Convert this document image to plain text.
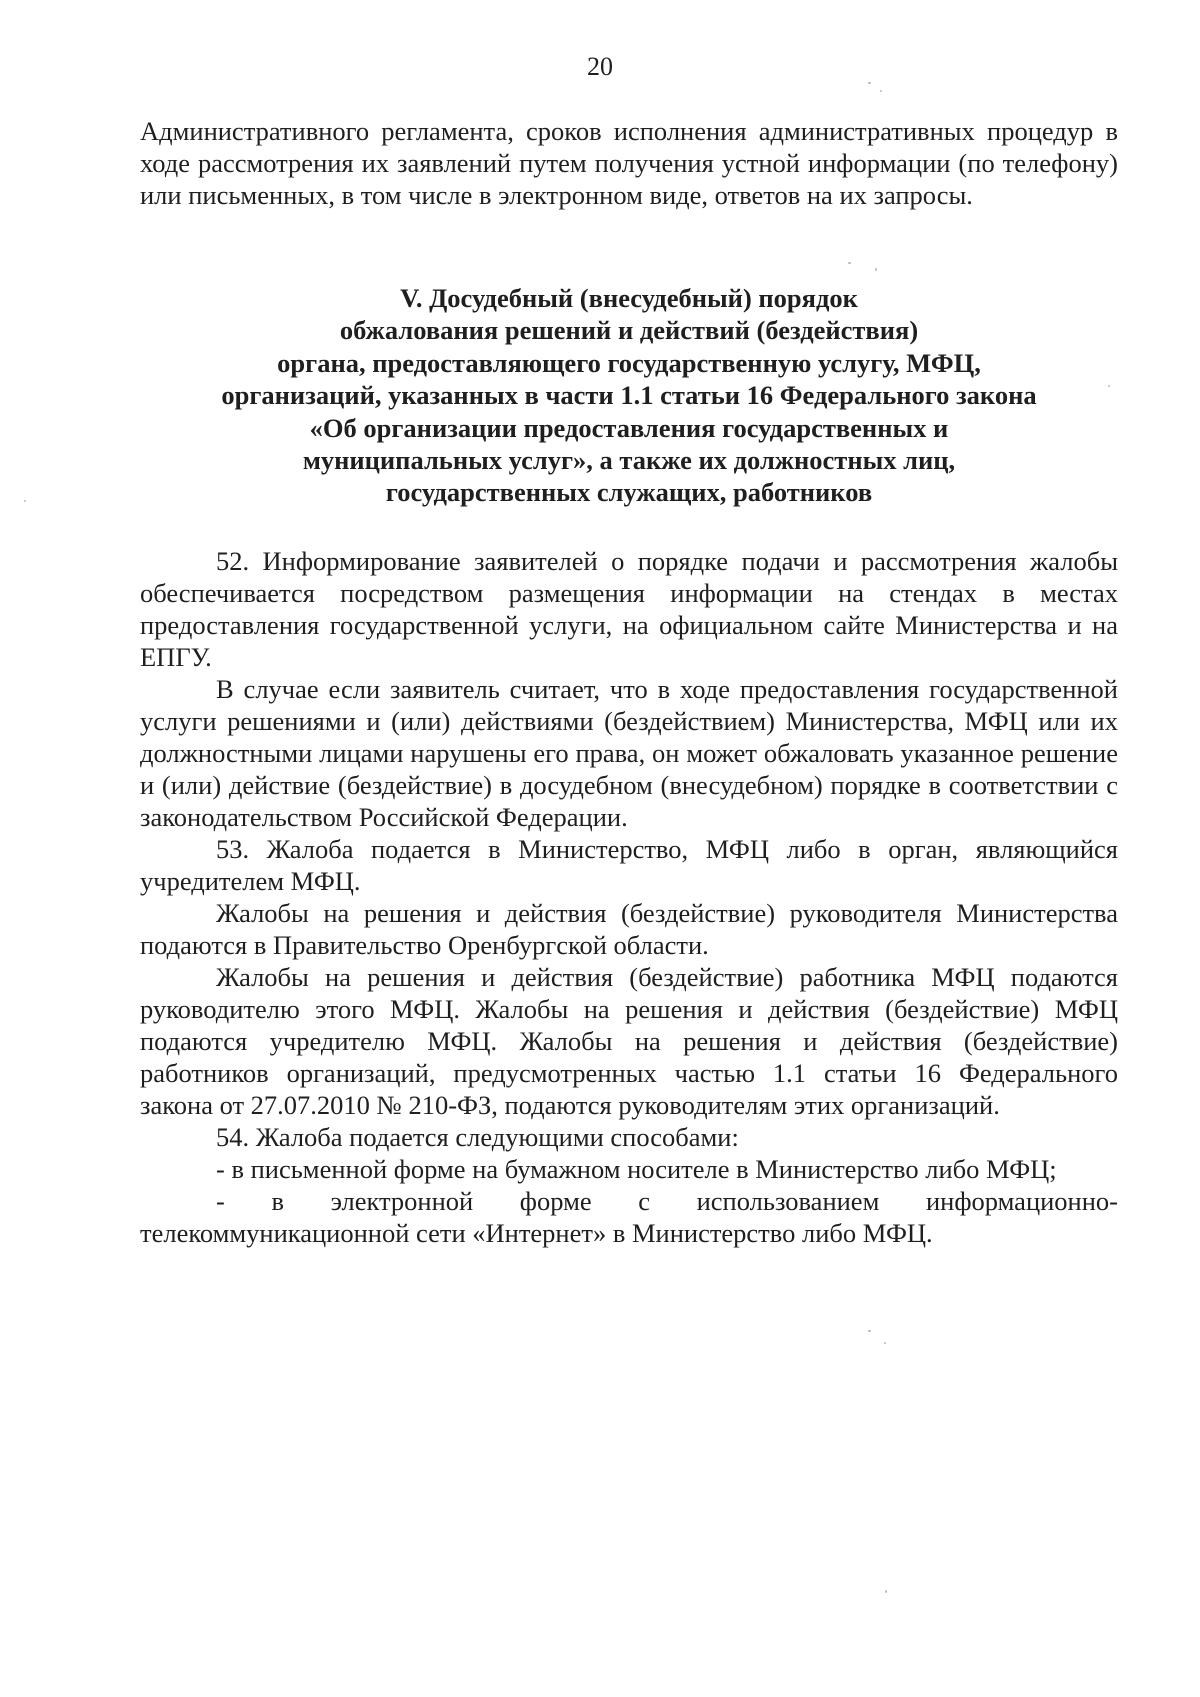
20

Административного регламента, сроков исполнения административных процедур в ходе рассмотрения их заявлений путем получения устной информации (по телефону) или письменных, в том числе в электронном виде, ответов на их запросы.

V. Досудебный (внесудебный) порядок
обжалования решений и действий (бездействия)
органа, предоставляющего государственную услугу, МФЦ,
организаций, указанных в части 1.1 статьи 16 Федерального закона
«Об организации предоставления государственных и
муниципальных услуг», а также их должностных лиц,
государственных служащих, работников

52. Информирование заявителей о порядке подачи и рассмотрения жалобы обеспечивается посредством размещения информации на стендах в местах предоставления государственной услуги, на официальном сайте Министерства и на ЕПГУ.

В случае если заявитель считает, что в ходе предоставления государственной услуги решениями и (или) действиями (бездействием) Министерства, МФЦ или их должностными лицами нарушены его права, он может обжаловать указанное решение и (или) действие (бездействие) в досудебном (внесудебном) порядке в соответствии с законодательством Российской Федерации.

53. Жалоба подается в Министерство, МФЦ либо в орган, являющийся учредителем МФЦ.

Жалобы на решения и действия (бездействие) руководителя Министерства подаются в Правительство Оренбургской области.

Жалобы на решения и действия (бездействие) работника МФЦ подаются руководителю этого МФЦ. Жалобы на решения и действия (бездействие) МФЦ подаются учредителю МФЦ. Жалобы на решения и действия (бездействие) работников организаций, предусмотренных частью 1.1 статьи 16 Федерального закона от 27.07.2010 № 210-ФЗ, подаются руководителям этих организаций.

54. Жалоба подается следующими способами:

- в письменной форме на бумажном носителе в Министерство либо МФЦ;

- в электронной форме с использованием информационно-телекоммуникационной сети «Интернет» в Министерство либо МФЦ.
